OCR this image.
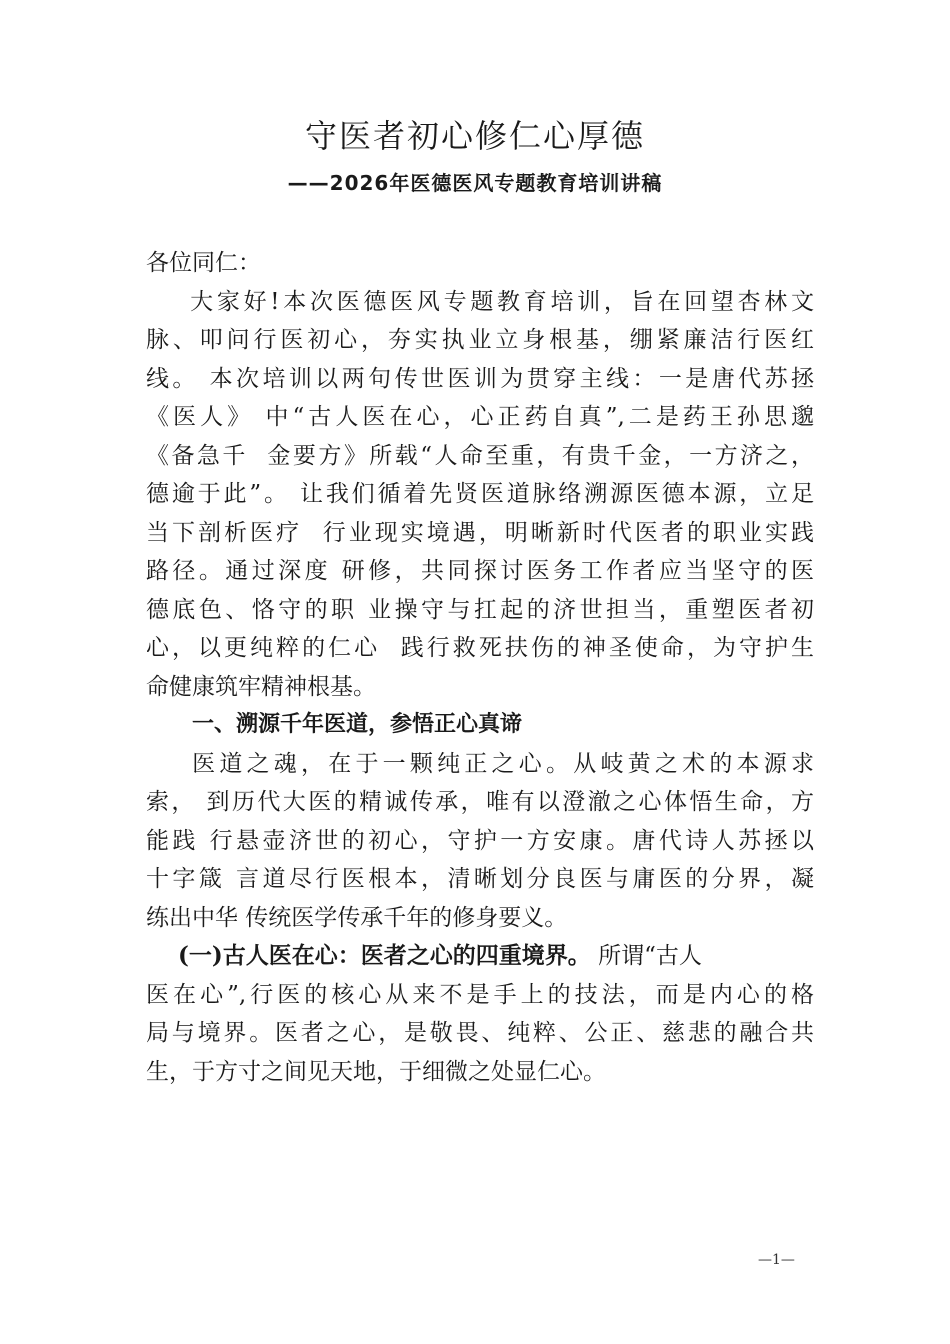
守医者初心修仁心厚德
——2026年医德医风专题教育培训讲稿
各位同仁：
大家好!本次医德医风专题教育培训，旨在回望杏林文
脉、叩问行医初心，夯实执业立身根基，绷紧廉洁行医红
线。 本次培训以两句传世医训为贯穿主线：一是唐代苏拯
《医人》 中“古人医在心，心正药自真”,二是药王孙思邈
《备急千  金要方》所载“人命至重，有贵千金，一方济之，
德逾于此”。 让我们循着先贤医道脉络溯源医德本源，立足
当下剖析医疗  行业现实境遇，明晰新时代医者的职业实践
路径。通过深度 研修，共同探讨医务工作者应当坚守的医
德底色、恪守的职 业操守与扛起的济世担当，重塑医者初
心，以更纯粹的仁心  践行救死扶伤的神圣使命，为守护生
命健康筑牢精神根基。
一、溯源千年医道，参悟正心真谛
医道之魂，在于一颗纯正之心。从岐黄之术的本源求
索， 到历代大医的精诚传承，唯有以澄澈之心体悟生命，方
能践 行悬壶济世的初心，守护一方安康。唐代诗人苏拯以
十字箴 言道尽行医根本，清晰划分良医与庸医的分界，凝
练出中华 传统医学传承千年的修身要义。
(一)古人医在心：医者之心的四重境界。 所谓“古人
医在心”,行医的核心从来不是手上的技法，而是内心的格
局与境界。医者之心，是敬畏、纯粹、公正、慈悲的融合共
生，于方寸之间见天地，于细微之处显仁心。
—1—
